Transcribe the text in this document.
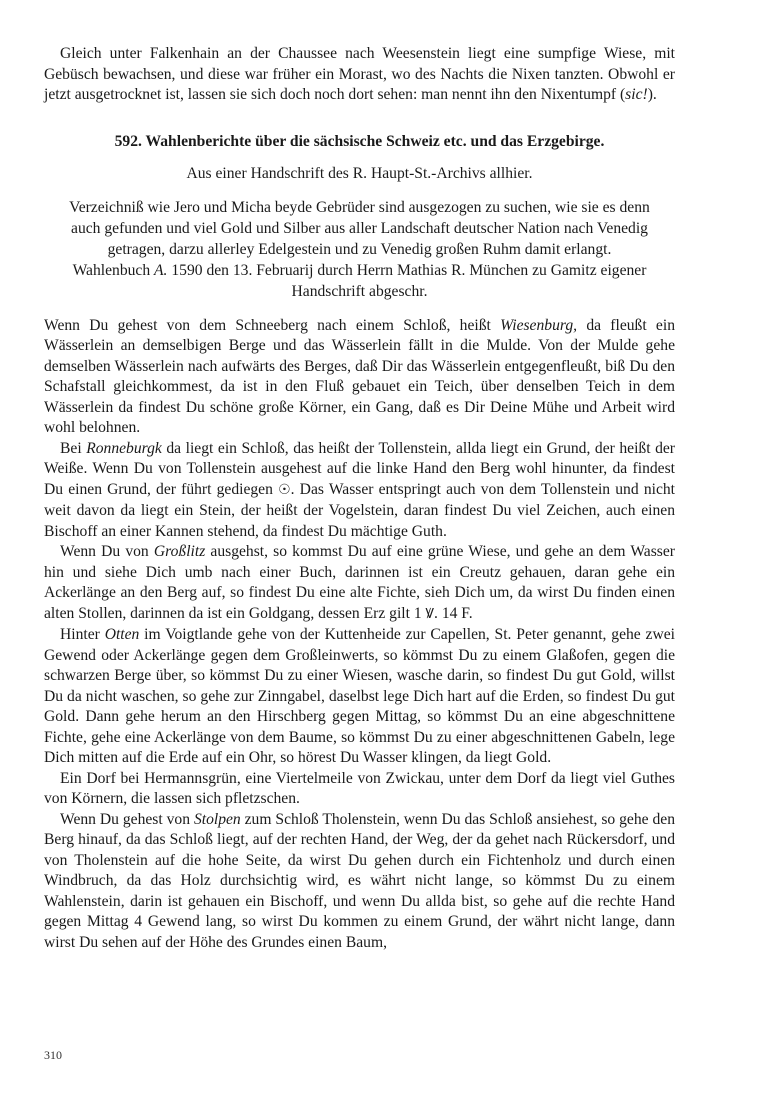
Gleich unter Falkenhain an der Chaussee nach Weesenstein liegt eine sumpfige Wiese, mit Gebüsch bewachsen, und diese war früher ein Morast, wo des Nachts die Nixen tanzten. Obwohl er jetzt ausgetrocknet ist, lassen sie sich doch noch dort sehen: man nennt ihn den Nixentumpf (sic!).

592. Wahlenberichte über die sächsische Schweiz etc. und das Erzgebirge.
Aus einer Handschrift des R. Haupt-St.-Archivs allhier.
Verzeichniß wie Jero und Micha beyde Gebrüder sind ausgezogen zu suchen, wie sie es denn auch gefunden und viel Gold und Silber aus aller Landschaft deutscher Nation nach Venedig getragen, darzu allerley Edelgestein und zu Venedig großen Ruhm damit erlangt.
Wahlenbuch A. 1590 den 13. Februarij durch Herrn Mathias R. München zu Gamitz eigener Handschrift abgeschr.

Wenn Du gehest von dem Schneeberg nach einem Schloß, heißt Wiesenburg, da fleußt ein Wässerlein an demselbigen Berge und das Wässerlein fällt in die Mulde. Von der Mulde gehe demselben Wässerlein nach aufwärts des Berges, daß Dir das Wässerlein entgegenfleußt, biß Du den Schafstall gleichkommest, da ist in den Fluß gebauet ein Teich, über denselben Teich in dem Wässerlein da findest Du schöne große Körner, ein Gang, daß es Dir Deine Mühe und Arbeit wird wohl belohnen.

Bei Ronneburgk da liegt ein Schloß, das heißt der Tollenstein, allda liegt ein Grund, der heißt der Weiße. Wenn Du von Tollenstein ausgehest auf die linke Hand den Berg wohl hinunter, da findest Du einen Grund, der führt gediegen ☉. Das Wasser entspringt auch von dem Tollenstein und nicht weit davon da liegt ein Stein, der heißt der Vogelstein, daran findest Du viel Zeichen, auch einen Bischoff an einer Kannen stehend, da findest Du mächtige Guth.

Wenn Du von Großlitz ausgehst, so kommst Du auf eine grüne Wiese, und gehe an dem Wasser hin und siehe Dich umb nach einer Buch, darinnen ist ein Creutz gehauen, daran gehe ein Ackerlänge an den Berg auf, so findest Du eine alte Fichte, sieh Dich um, da wirst Du finden einen alten Stollen, darinnen da ist ein Goldgang, dessen Erz gilt 1 Ꝟ. 14 F.

Hinter Otten im Voigtlande gehe von der Kuttenheide zur Capellen, St. Peter genannt, gehe zwei Gewend oder Ackerlänge gegen dem Großleinwerts, so kömmst Du zu einem Glaßofen, gegen die schwarzen Berge über, so kömmst Du zu einer Wiesen, wasche darin, so findest Du gut Gold, willst Du da nicht waschen, so gehe zur Zinngabel, daselbst lege Dich hart auf die Erden, so findest Du gut Gold. Dann gehe herum an den Hirschberg gegen Mittag, so kömmst Du an eine abgeschnittene Fichte, gehe eine Ackerlänge von dem Baume, so kömmst Du zu einer abgeschnittenen Gabeln, lege Dich mitten auf die Erde auf ein Ohr, so hörest Du Wasser klingen, da liegt Gold.

Ein Dorf bei Hermannsgrün, eine Viertelmeile von Zwickau, unter dem Dorf da liegt viel Guthes von Körnern, die lassen sich pfletzschen.

Wenn Du gehest von Stolpen zum Schloß Tholenstein, wenn Du das Schloß ansiehest, so gehe den Berg hinauf, da das Schloß liegt, auf der rechten Hand, der Weg, der da gehet nach Rückersdorf, und von Tholenstein auf die hohe Seite, da wirst Du gehen durch ein Fichtenholz und durch einen Windbruch, da das Holz durchsichtig wird, es währt nicht lange, so kömmst Du zu einem Wahlenstein, darin ist gehauen ein Bischoff, und wenn Du allda bist, so gehe auf die rechte Hand gegen Mittag 4 Gewend lang, so wirst Du kommen zu einem Grund, der währt nicht lange, dann wirst Du sehen auf der Höhe des Grundes einen Baum,

310
